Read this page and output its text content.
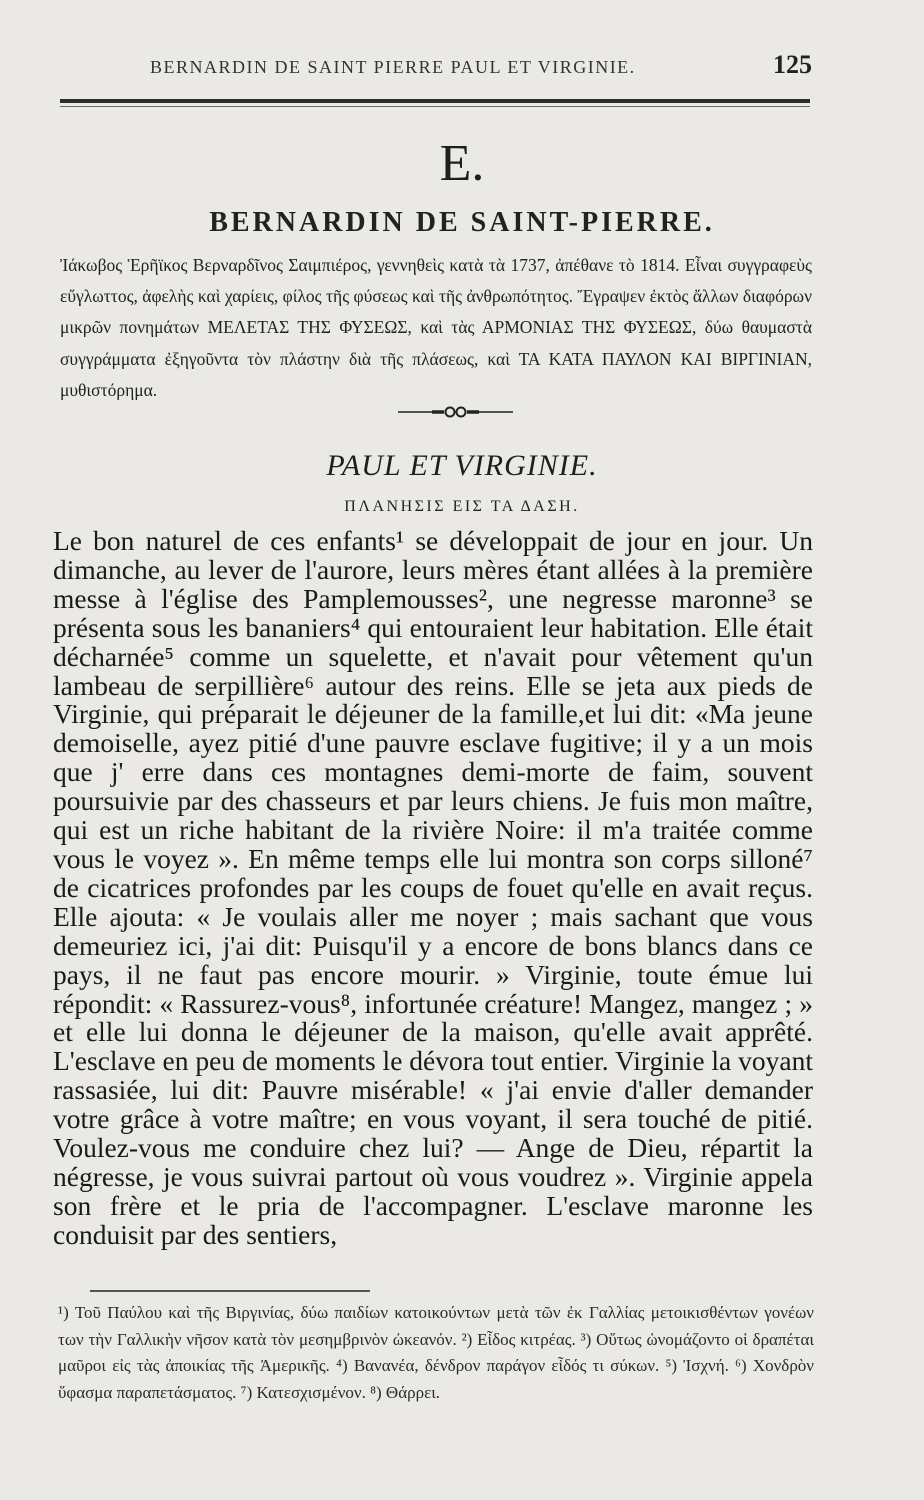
BERNARDIN DE SAINT PIERRE PAUL ET VIRGINIE.	125
E.
BERNARDIN DE SAINT-PIERRE.

Ἰάκωβος Ἑρῆϊκος Βερναρδῖνος Σαιμπιέρος, γεννηθεὶς κατὰ τὰ 1737, ἀπέθανε τὸ 1814. Εἶναι συγγραφεὺς εὔγλωττος, ἀφελὴς καὶ χαρίεις, φίλος τῆς φύσεως καὶ τῆς ἀνθρωπότητος. Ἔγραψεν ἐκτὸς ἄλλων διαφόρων μικρῶν πονημάτων ΜΕΛΕΤΑΣ ΤΗΣ ΦΥΣΕΩΣ, καὶ τὰς ΑΡΜΟΝΙΑΣ ΤΗΣ ΦΥΣΕΩΣ, δύω θαυμαστὰ συγγράμματα ἐξηγοῦντα τὸν πλάστην διὰ τῆς πλάσεως, καὶ ΤΑ ΚΑΤΑ ΠΑΥΛΟΝ ΚΑΙ ΒΙΡΓΙΝΙΑΝ, μυθιστόρημα.

PAUL ET VIRGINIE.
ΠΛΑΝΗΣΙΣ ΕΙΣ ΤΑ ΔΑΣΗ.

Le bon naturel de ces enfants¹ se développait de jour en jour. Un dimanche, au lever de l'aurore, leurs mères étant allées à la première messe à l'église des Pamplemousses², une negresse maronne³ se présenta sous les bananiers⁴ qui entouraient leur habitation. Elle était décharnée⁵ comme un squelette, et n'avait pour vêtement qu'un lambeau de serpillière⁶ autour des reins. Elle se jeta aux pieds de Virginie, qui préparait le déjeuner de la famille,et lui dit: «Ma jeune demoiselle, ayez pitié d'une pauvre esclave fugitive; il y a un mois que j' erre dans ces montagnes demi-morte de faim, souvent poursuivie par des chasseurs et par leurs chiens. Je fuis mon maître, qui est un riche habitant de la rivière Noire: il m'a traitée comme vous le voyez ». En même temps elle lui montra son corps silloné⁷ de cicatrices profondes par les coups de fouet qu'elle en avait reçus. Elle ajouta: « Je voulais aller me noyer ; mais sachant que vous demeuriez ici, j'ai dit: Puisqu'il y a encore de bons blancs dans ce pays, il ne faut pas encore mourir. » Virginie, toute émue lui répondit: « Rassurez-vous⁸, infortunée créature! Mangez, mangez ; » et elle lui donna le déjeuner de la maison, qu'elle avait apprêté. L'esclave en peu de moments le dévora tout entier. Virginie la voyant rassasiée, lui dit: Pauvre misérable! « j'ai envie d'aller demander votre grâce à votre maître; en vous voyant, il sera touché de pitié. Voulez-vous me conduire chez lui? — Ange de Dieu, répartit la négresse, je vous suivrai partout où vous voudrez ». Virginie appela son frère et le pria de l'accompagner. L'esclave maronne les conduisit par des sentiers,

¹) Τοῦ Παύλου καὶ τῆς Βιργινίας, δύω παιδίων κατοικούντων μετὰ τῶν ἐκ Γαλλίας μετοικισθέντων γονέων των τὴν Γαλλικὴν νῆσον κατὰ τὸν μεσημβρινὸν ὠκεανόν. ²) Εἶδος κιτρέας. ³) Οὕτως ὠνομάζοντο οἱ δραπέται μαῦροι εἰς τὰς ἀποικίας τῆς Ἀμερικῆς. ⁴) Βανανέα, δένδρον παράγον εἶδός τι σύκων. ⁵) Ἰσχνή. ⁶) Χονδρὸν ὕφασμα παραπετάσματος. ⁷) Κατεσχισμένον. ⁸) Θάρρει.
